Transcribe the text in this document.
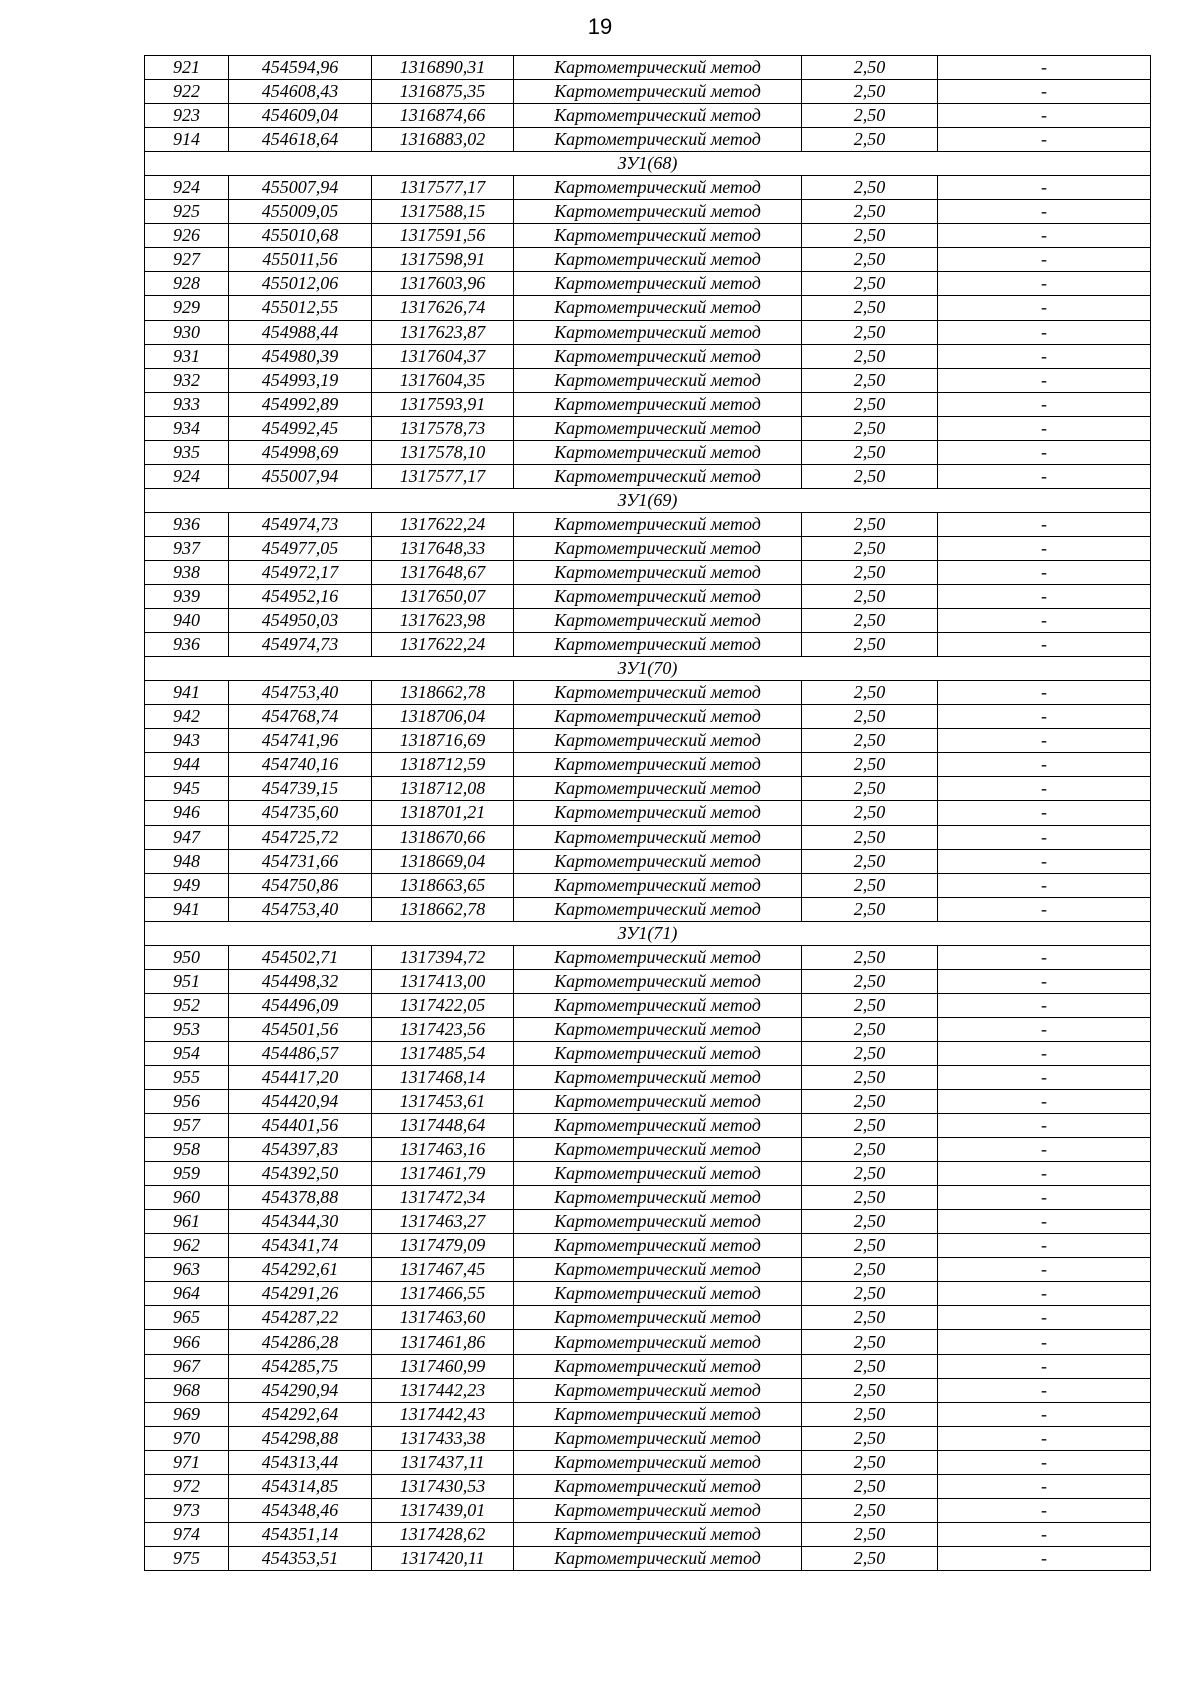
19
921	454594,96	1316890,31	Картометрический метод	2,50	-
922	454608,43	1316875,35	Картометрический метод	2,50	-
923	454609,04	1316874,66	Картометрический метод	2,50	-
914	454618,64	1316883,02	Картометрический метод	2,50	-
ЗУ1(68)					
924	455007,94	1317577,17	Картометрический метод	2,50	-
925	455009,05	1317588,15	Картометрический метод	2,50	-
926	455010,68	1317591,56	Картометрический метод	2,50	-
927	455011,56	1317598,91	Картометрический метод	2,50	-
928	455012,06	1317603,96	Картометрический метод	2,50	-
929	455012,55	1317626,74	Картометрический метод	2,50	-
930	454988,44	1317623,87	Картометрический метод	2,50	-
931	454980,39	1317604,37	Картометрический метод	2,50	-
932	454993,19	1317604,35	Картометрический метод	2,50	-
933	454992,89	1317593,91	Картометрический метод	2,50	-
934	454992,45	1317578,73	Картометрический метод	2,50	-
935	454998,69	1317578,10	Картометрический метод	2,50	-
924	455007,94	1317577,17	Картометрический метод	2,50	-
ЗУ1(69)					
936	454974,73	1317622,24	Картометрический метод	2,50	-
937	454977,05	1317648,33	Картометрический метод	2,50	-
938	454972,17	1317648,67	Картометрический метод	2,50	-
939	454952,16	1317650,07	Картометрический метод	2,50	-
940	454950,03	1317623,98	Картометрический метод	2,50	-
936	454974,73	1317622,24	Картометрический метод	2,50	-
ЗУ1(70)					
941	454753,40	1318662,78	Картометрический метод	2,50	-
942	454768,74	1318706,04	Картометрический метод	2,50	-
943	454741,96	1318716,69	Картометрический метод	2,50	-
944	454740,16	1318712,59	Картометрический метод	2,50	-
945	454739,15	1318712,08	Картометрический метод	2,50	-
946	454735,60	1318701,21	Картометрический метод	2,50	-
947	454725,72	1318670,66	Картометрический метод	2,50	-
948	454731,66	1318669,04	Картометрический метод	2,50	-
949	454750,86	1318663,65	Картометрический метод	2,50	-
941	454753,40	1318662,78	Картометрический метод	2,50	-
ЗУ1(71)					
950	454502,71	1317394,72	Картометрический метод	2,50	-
951	454498,32	1317413,00	Картометрический метод	2,50	-
952	454496,09	1317422,05	Картометрический метод	2,50	-
953	454501,56	1317423,56	Картометрический метод	2,50	-
954	454486,57	1317485,54	Картометрический метод	2,50	-
955	454417,20	1317468,14	Картометрический метод	2,50	-
956	454420,94	1317453,61	Картометрический метод	2,50	-
957	454401,56	1317448,64	Картометрический метод	2,50	-
958	454397,83	1317463,16	Картометрический метод	2,50	-
959	454392,50	1317461,79	Картометрический метод	2,50	-
960	454378,88	1317472,34	Картометрический метод	2,50	-
961	454344,30	1317463,27	Картометрический метод	2,50	-
962	454341,74	1317479,09	Картометрический метод	2,50	-
963	454292,61	1317467,45	Картометрический метод	2,50	-
964	454291,26	1317466,55	Картометрический метод	2,50	-
965	454287,22	1317463,60	Картометрический метод	2,50	-
966	454286,28	1317461,86	Картометрический метод	2,50	-
967	454285,75	1317460,99	Картометрический метод	2,50	-
968	454290,94	1317442,23	Картометрический метод	2,50	-
969	454292,64	1317442,43	Картометрический метод	2,50	-
970	454298,88	1317433,38	Картометрический метод	2,50	-
971	454313,44	1317437,11	Картометрический метод	2,50	-
972	454314,85	1317430,53	Картометрический метод	2,50	-
973	454348,46	1317439,01	Картометрический метод	2,50	-
974	454351,14	1317428,62	Картометрический метод	2,50	-
975	454353,51	1317420,11	Картометрический метод	2,50	-
